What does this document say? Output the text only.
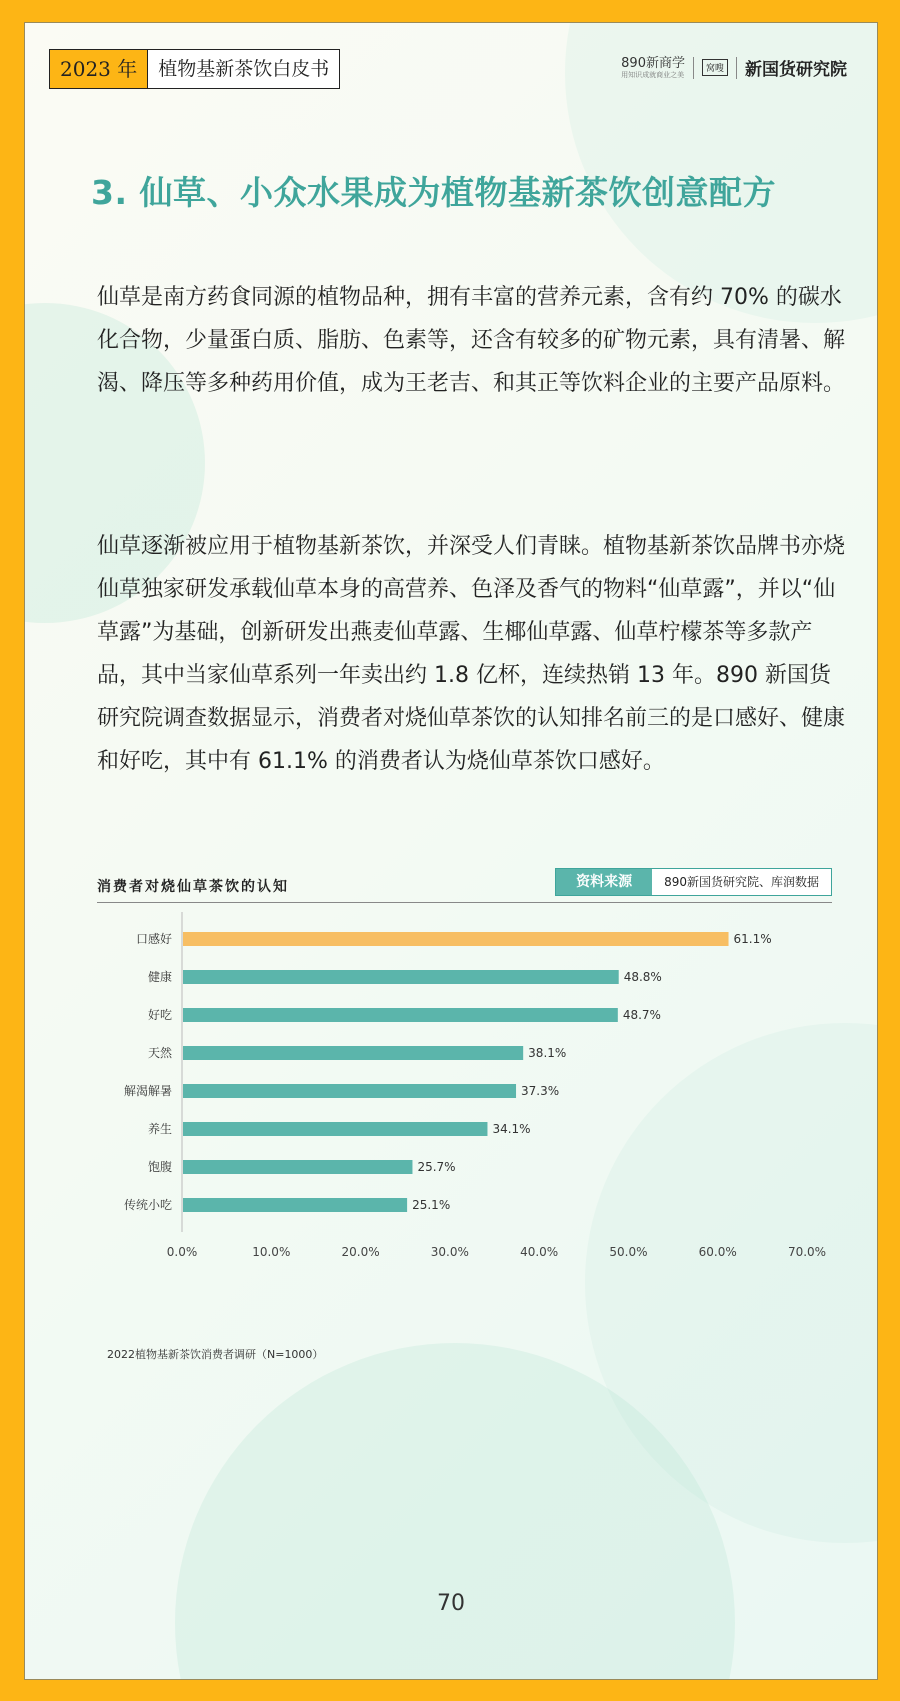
2023 年	植物基新茶饮白皮书	890新商学
用知识成就商业之美
窝嗖 新国货研究院
3. 仙草、小众水果成为植物基新茶饮创意配方
仙草是南方药食同源的植物品种，拥有丰富的营养元素，含有约 70% 的碳水化合物，少量蛋白质、脂肪、色素等，还含有较多的矿物元素，具有清暑、解渴、降压等多种药用价值，成为王老吉、和其正等饮料企业的主要产品原料。
仙草逐渐被应用于植物基新茶饮，并深受人们青睐。植物基新茶饮品牌书亦烧仙草独家研发承载仙草本身的高营养、色泽及香气的物料“仙草露”，并以“仙草露”为基础，创新研发出燕麦仙草露、生椰仙草露、仙草柠檬茶等多款产品，其中当家仙草系列一年卖出约 1.8 亿杯，连续热销 13 年。890 新国货研究院调查数据显示，消费者对烧仙草茶饮的认知排名前三的是口感好、健康和好吃，其中有 61.1% 的消费者认为烧仙草茶饮口感好。
消费者对烧仙草茶饮的认知	资料来源	890新国货研究院、库润数据
口感好	61.1%
健康	48.8%
好吃	48.7%
天然	38.1%
解渴解暑	37.3%
养生	34.1%
饱腹	25.7%
传统小吃	25.1%
0.0%	10.0%	20.0%	30.0%	40.0%	50.0%	60.0%	70.0%
2022植物基新茶饮消费者调研（N=1000）
70
